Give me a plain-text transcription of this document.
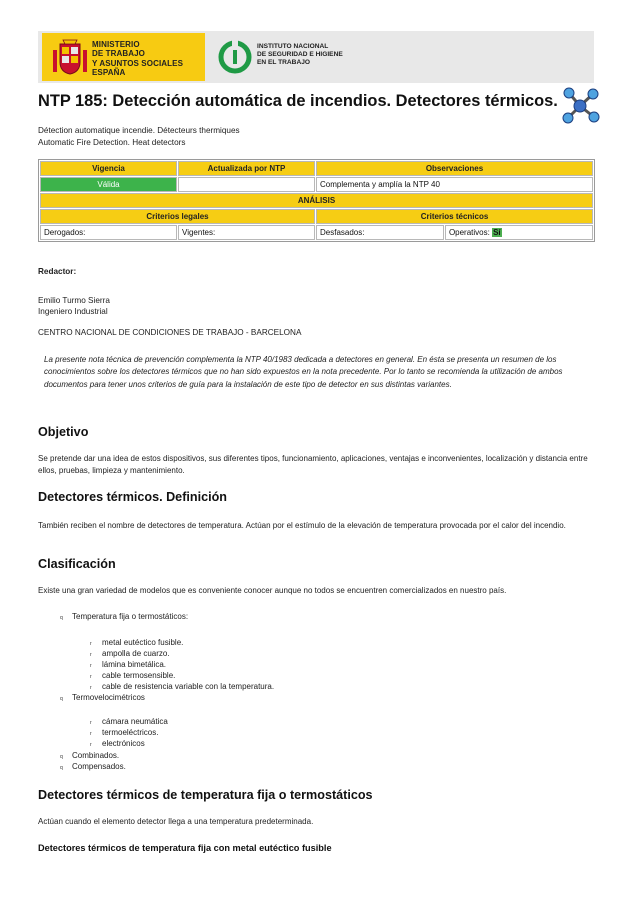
MINISTERIO
DE TRABAJO
Y ASUNTOS SOCIALES
ESPAÑA
INSTITUTO NACIONAL
DE SEGURIDAD E HIGIENE
EN EL TRABAJO
NTP 185: Detección automática de incendios. Detectores térmicos.
Détection automatique incendie. Détecteurs thermiques
Automatic Fire Detection. Heat detectors
Vigencia	Actualizada por NTP	Observaciones	
Válida		Complementa y amplía la NTP 40	
ANÁLISIS			
Criterios legales		Criterios técnicos	
Derogados:	Vigentes:	Desfasados:	Operativos: Sí
Redactor:
Emilio Turmo Sierra
Ingeniero Industrial
CENTRO NACIONAL DE CONDICIONES DE TRABAJO - BARCELONA
La presente nota técnica de prevención complementa la NTP 40/1983 dedicada a detectores en general. En ésta se presenta un resumen de los conocimientos sobre los detectores térmicos que no han sido expuestos en la nota precedente. Por lo tanto se recomienda la utilización de ambos documentos para tener unos criterios de guía para la instalación de este tipo de detector en sus distintas variantes.
Objetivo
Se pretende dar una idea de estos dispositivos, sus diferentes tipos, funcionamiento, aplicaciones, ventajas e inconvenientes, localización y distancia entre ellos, pruebas, limpieza y mantenimiento.
Detectores térmicos. Definición
También reciben el nombre de detectores de temperatura. Actúan por el estímulo de la elevación de temperatura provocada por el calor del incendio.
Clasificación
Existe una gran variedad de modelos que es conveniente conocer aunque no todos se encuentren comercializados en nuestro país.
q Temperatura fija o termostáticos:
r metal eutéctico fusible.
r ampolla de cuarzo.
r lámina bimetálica.
r cable termosensible.
r cable de resistencia variable con la temperatura.
q Termovelocimétricos
r cámara neumática
r termoeléctricos.
r electrónicos
q Combinados.
q Compensados.
Detectores térmicos de temperatura fija o termostáticos
Actúan cuando el elemento detector llega a una temperatura predeterminada.
Detectores térmicos de temperatura fija con metal eutéctico fusible
